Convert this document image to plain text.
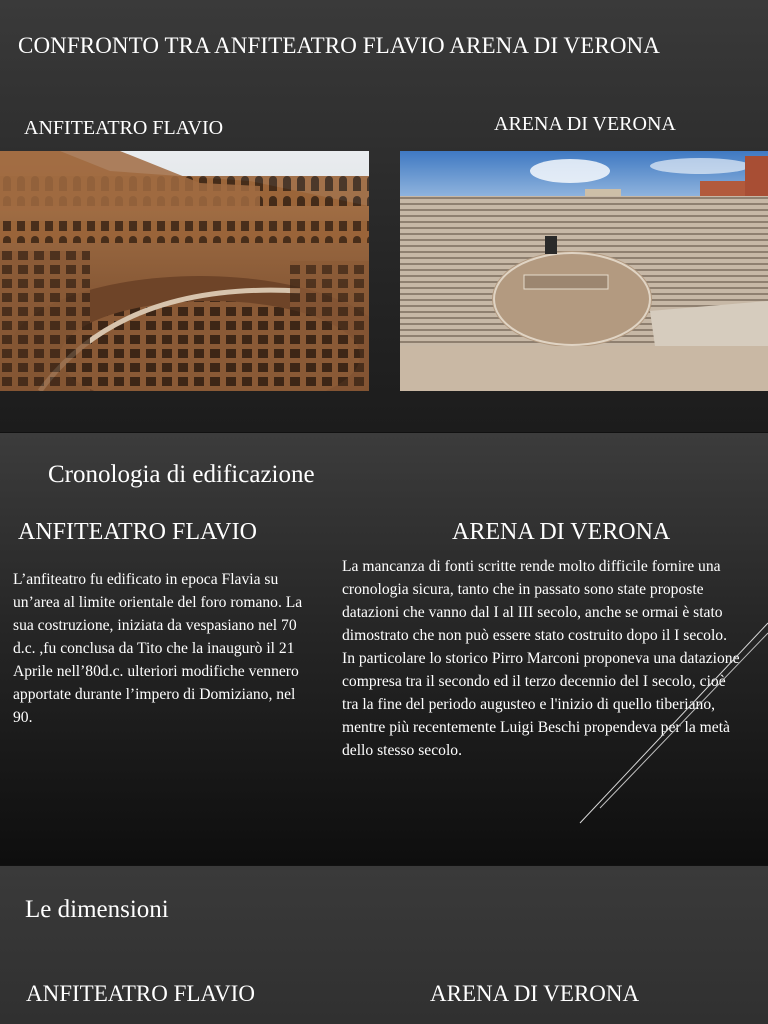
CONFRONTO TRA ANFITEATRO FLAVIO ARENA DI VERONA
ANFITEATRO FLAVIO	ARENA DI VERONA
Cronologia di edificazione
ANFITEATRO FLAVIO	ARENA DI VERONA
L’anfiteatro fu edificato in epoca Flavia su un’area al limite orientale del foro romano. La sua costruzione, iniziata da vespasiano nel 70 d.c. ,fu conclusa da Tito che la inaugurò il 21 Aprile nell’80d.c. ulteriori modifiche vennero apportate durante l’impero di Domiziano, nel 90.
La mancanza di fonti scritte rende molto difficile fornire una cronologia sicura, tanto che in passato sono state proposte datazioni che vanno dal I al III secolo, anche se ormai è stato dimostrato che non può essere stato costruito dopo il I secolo. In particolare lo storico Pirro Marconi proponeva una datazione compresa tra il secondo ed il terzo decennio del I secolo, cioè tra la fine del periodo augusteo e l'inizio di quello tiberiano, mentre più recentemente Luigi Beschi propendeva per la metà dello stesso secolo.
Le dimensioni
ANFITEATRO FLAVIO	ARENA DI VERONA
